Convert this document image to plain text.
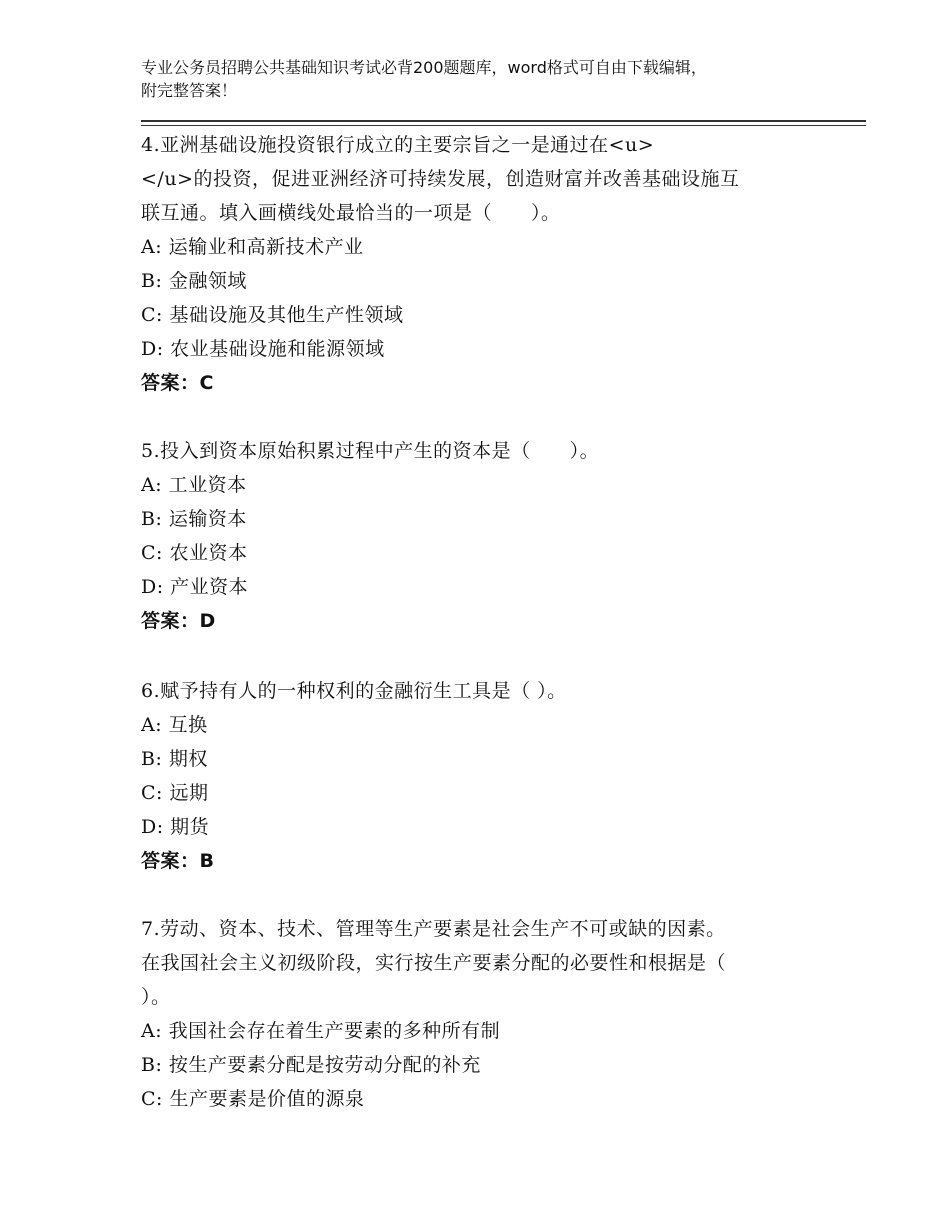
专业公务员招聘公共基础知识考试必背200题题库，word格式可自由下载编辑，
附完整答案！

4.亚洲基础设施投资银行成立的主要宗旨之一是通过在<u>

</u>的投资，促进亚洲经济可持续发展，创造财富并改善基础设施互

联互通。填入画横线处最恰当的一项是（　　）。

A: 运输业和高新技术产业
B: 金融领域
C: 基础设施及其他生产性领域
D: 农业基础设施和能源领域
答案：C

5.投入到资本原始积累过程中产生的资本是（　　）。

A: 工业资本
B: 运输资本
C: 农业资本
D: 产业资本
答案：D

6.赋予持有人的一种权利的金融衍生工具是（ ）。

A: 互换
B: 期权
C: 远期
D: 期货
答案：B

7.劳动、资本、技术、管理等生产要素是社会生产不可或缺的因素。

在我国社会主义初级阶段，实行按生产要素分配的必要性和根据是（

）。

A: 我国社会存在着生产要素的多种所有制
B: 按生产要素分配是按劳动分配的补充
C: 生产要素是价值的源泉
